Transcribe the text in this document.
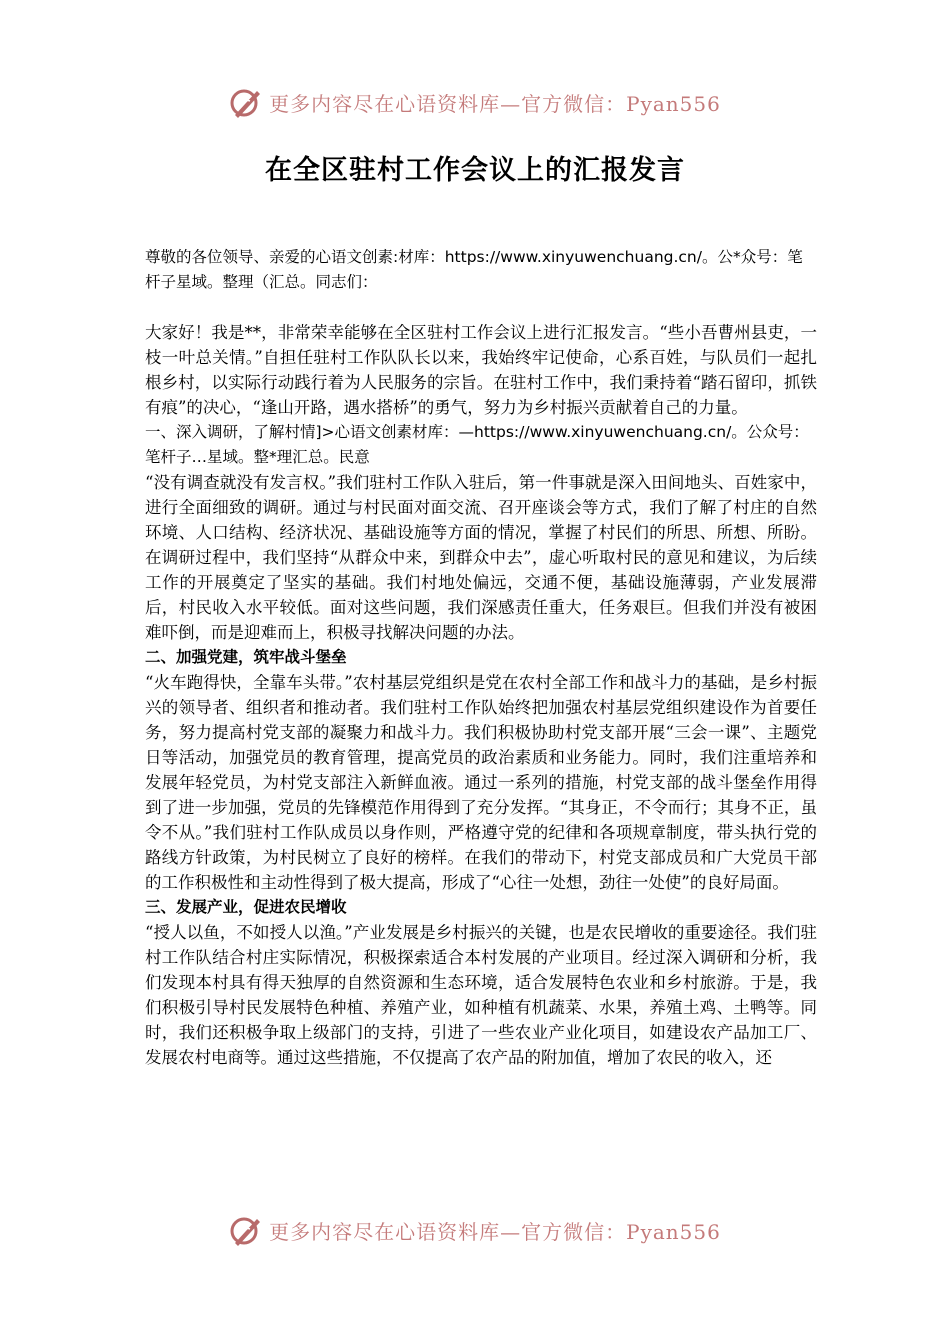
更多内容尽在心语资料库—官方微信：Pyan556
在全区驻村工作会议上的汇报发言

尊敬的各位领导、亲爱的心语文创素:材库：https://www.xinyuwenchuang.cn/。公*众号：笔杆子星域。整理（汇总。同志们：

大家好！我是**，非常荣幸能够在全区驻村工作会议上进行汇报发言。“些小吾曹州县吏，一枝一叶总关情。”自担任驻村工作队队长以来，我始终牢记使命，心系百姓，与队员们一起扎根乡村，以实际行动践行着为人民服务的宗旨。在驻村工作中，我们秉持着“踏石留印，抓铁有痕”的决心，“逢山开路，遇水搭桥”的勇气，努力为乡村振兴贡献着自己的力量。

一、深入调研，了解村情]>心语文创素材库：—https://www.xinyuwenchuang.cn/。公众号：笔杆子…星域。整*理汇总。民意

“没有调查就没有发言权。”我们驻村工作队入驻后，第一件事就是深入田间地头、百姓家中，进行全面细致的调研。通过与村民面对面交流、召开座谈会等方式，我们了解了村庄的自然环境、人口结构、经济状况、基础设施等方面的情况，掌握了村民们的所思、所想、所盼。在调研过程中，我们坚持“从群众中来，到群众中去”，虚心听取村民的意见和建议，为后续工作的开展奠定了坚实的基础。我们村地处偏远，交通不便，基础设施薄弱，产业发展滞后，村民收入水平较低。面对这些问题，我们深感责任重大，任务艰巨。但我们并没有被困难吓倒，而是迎难而上，积极寻找解决问题的办法。

二、加强党建，筑牢战斗堡垒

“火车跑得快，全靠车头带。”农村基层党组织是党在农村全部工作和战斗力的基础，是乡村振兴的领导者、组织者和推动者。我们驻村工作队始终把加强农村基层党组织建设作为首要任务，努力提高村党支部的凝聚力和战斗力。我们积极协助村党支部开展“三会一课”、主题党日等活动，加强党员的教育管理，提高党员的政治素质和业务能力。同时，我们注重培养和发展年轻党员，为村党支部注入新鲜血液。通过一系列的措施，村党支部的战斗堡垒作用得到了进一步加强，党员的先锋模范作用得到了充分发挥。“其身正，不令而行；其身不正，虽令不从。”我们驻村工作队成员以身作则，严格遵守党的纪律和各项规章制度，带头执行党的路线方针政策，为村民树立了良好的榜样。在我们的带动下，村党支部成员和广大党员干部的工作积极性和主动性得到了极大提高，形成了“心往一处想，劲往一处使”的良好局面。

三、发展产业，促进农民增收

“授人以鱼，不如授人以渔。”产业发展是乡村振兴的关键，也是农民增收的重要途径。我们驻村工作队结合村庄实际情况，积极探索适合本村发展的产业项目。经过深入调研和分析，我们发现本村具有得天独厚的自然资源和生态环境，适合发展特色农业和乡村旅游。于是，我们积极引导村民发展特色种植、养殖产业，如种植有机蔬菜、水果，养殖土鸡、土鸭等。同时，我们还积极争取上级部门的支持，引进了一些农业产业化项目，如建设农产品加工厂、发展农村电商等。通过这些措施，不仅提高了农产品的附加值，增加了农民的收入，还

更多内容尽在心语资料库—官方微信：Pyan556
